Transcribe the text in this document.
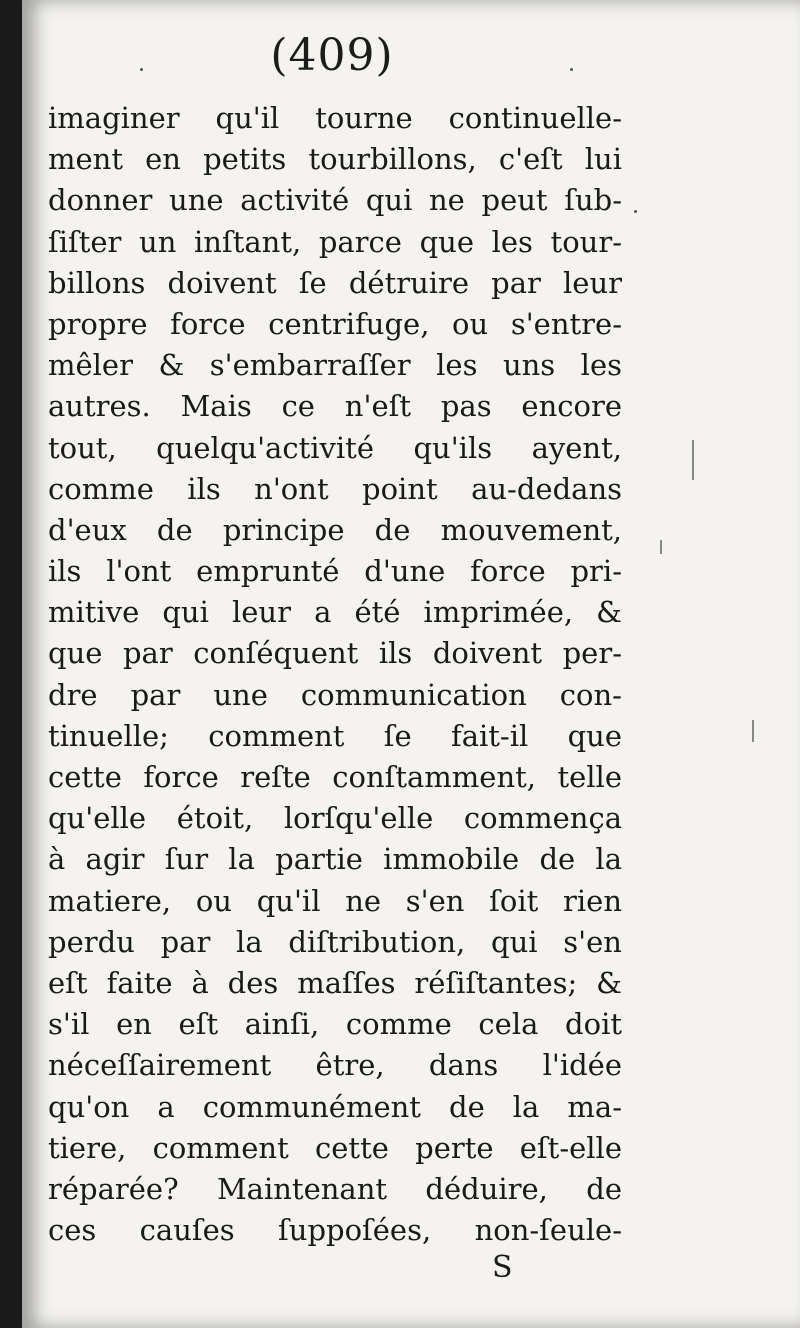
(409)
imaginer qu'il tourne continuelle-
ment en petits tourbillons, c'eſt lui
donner une activité qui ne peut ſub-
ſiſter un inſtant, parce que les tour-
billons doivent ſe détruire par leur
propre force centrifuge, ou s'entre-
mêler & s'embarraſſer les uns les
autres. Mais ce n'eſt pas encore
tout, quelqu'activité qu'ils ayent,
comme ils n'ont point au-dedans
d'eux de principe de mouvement,
ils l'ont emprunté d'une force pri-
mitive qui leur a été imprimée, &
que par conſéquent ils doivent per-
dre par une communication con-
tinuelle; comment ſe fait-il que
cette force reſte conſtamment, telle
qu'elle étoit, lorſqu'elle commença
à agir ſur la partie immobile de la
matiere, ou qu'il ne s'en ſoit rien
perdu par la diſtribution, qui s'en
eſt faite à des maſſes réſiſtantes; &
s'il en eſt ainſi, comme cela doit
néceſſairement être, dans l'idée
qu'on a communément de la ma-
tiere, comment cette perte eſt-elle
réparée? Maintenant déduire, de
ces cauſes ſuppoſées, non-ſeule-
S
